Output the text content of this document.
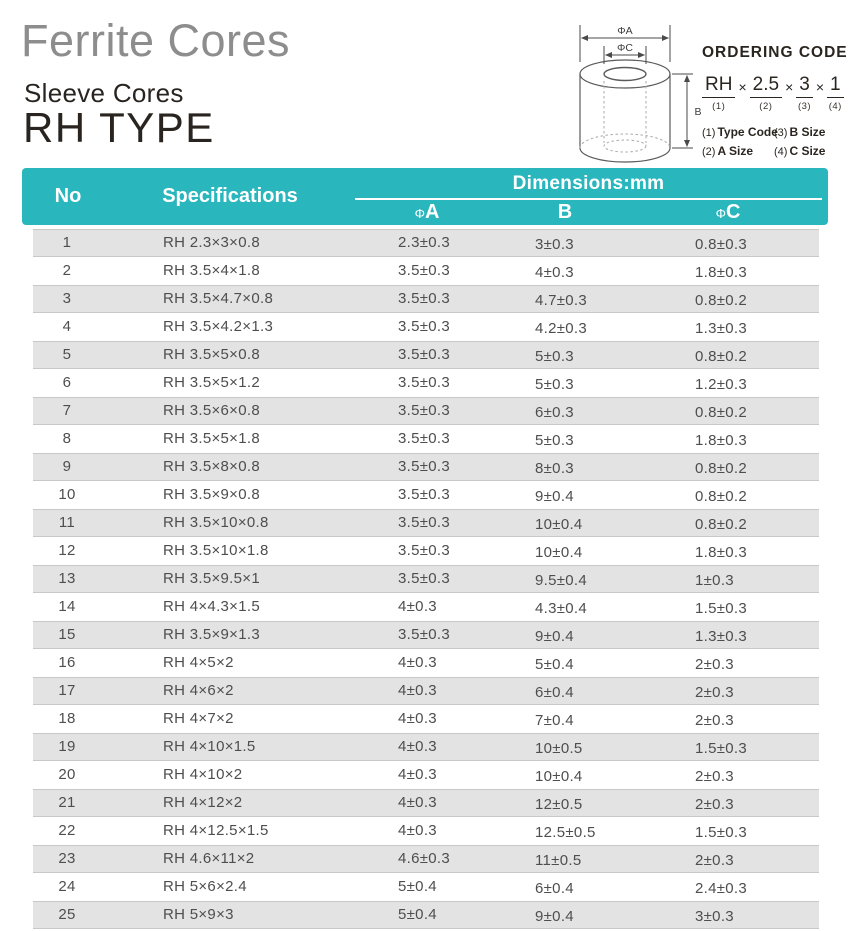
Ferrite Cores
Sleeve Cores
RH TYPE
ΦA
ΦC
B
ORDERING CODE
RH
(1)
× 2.5
(2)
× 3
(3)
× 1
(4)
(1) Type Code
(3) B Size
(2) A Size	(4) C Size
No	Specifications
Dimensions:mm
ΦA	B	ΦC
1	RH 2.3×3×0.8	2.3±0.3	3±0.3	0.8±0.3
2	RH 3.5×4×1.8	3.5±0.3	4±0.3	1.8±0.3
3	RH 3.5×4.7×0.8	3.5±0.3	4.7±0.3	0.8±0.2
4	RH 3.5×4.2×1.3	3.5±0.3	4.2±0.3	1.3±0.3
5	RH 3.5×5×0.8	3.5±0.3	5±0.3	0.8±0.2
6	RH 3.5×5×1.2	3.5±0.3	5±0.3	1.2±0.3
7	RH 3.5×6×0.8	3.5±0.3	6±0.3	0.8±0.2
8	RH 3.5×5×1.8	3.5±0.3	5±0.3	1.8±0.3
9	RH 3.5×8×0.8	3.5±0.3	8±0.3	0.8±0.2
10	RH 3.5×9×0.8	3.5±0.3	9±0.4	0.8±0.2
11	RH 3.5×10×0.8	3.5±0.3	10±0.4	0.8±0.2
12	RH 3.5×10×1.8	3.5±0.3	10±0.4	1.8±0.3
13	RH 3.5×9.5×1	3.5±0.3	9.5±0.4	1±0.3
14	RH 4×4.3×1.5	4±0.3	4.3±0.4	1.5±0.3
15	RH 3.5×9×1.3	3.5±0.3	9±0.4	1.3±0.3
16	RH 4×5×2	4±0.3	5±0.4	2±0.3
17	RH 4×6×2	4±0.3	6±0.4	2±0.3
18	RH 4×7×2	4±0.3	7±0.4	2±0.3
19	RH 4×10×1.5	4±0.3	10±0.5	1.5±0.3
20	RH 4×10×2	4±0.3	10±0.4	2±0.3
21	RH 4×12×2	4±0.3	12±0.5	2±0.3
22	RH 4×12.5×1.5	4±0.3	12.5±0.5	1.5±0.3
23	RH 4.6×11×2	4.6±0.3	11±0.5	2±0.3
24	RH 5×6×2.4	5±0.4	6±0.4	2.4±0.3
25	RH 5×9×3	5±0.4	9±0.4	3±0.3
